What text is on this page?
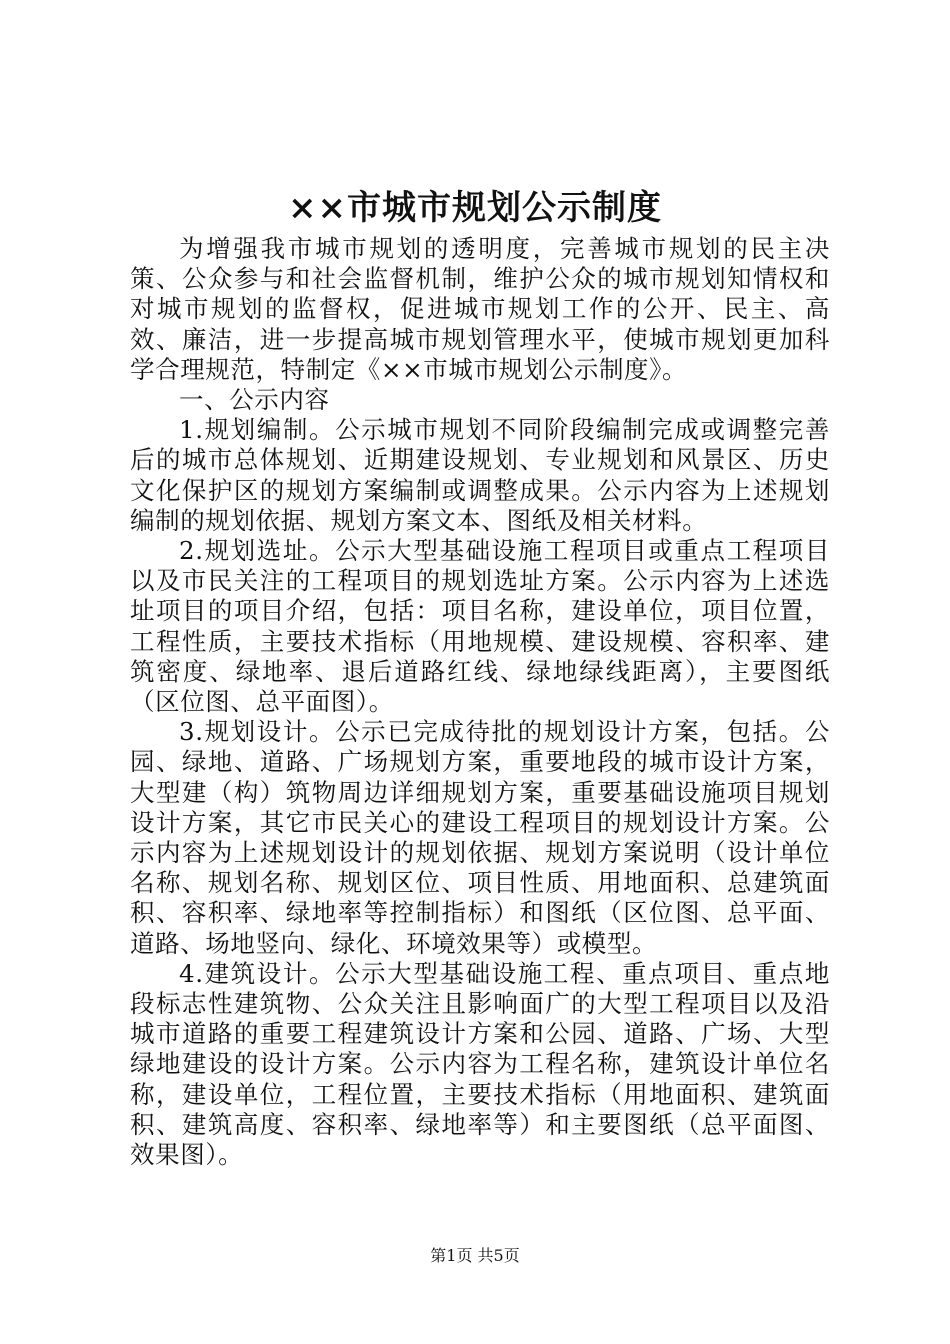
××市城市规划公示制度

为增强我市城市规划的透明度，完善城市规划的民主决策、公众参与和社会监督机制，维护公众的城市规划知情权和对城市规划的监督权，促进城市规划工作的公开、民主、高效、廉洁，进一步提高城市规划管理水平，使城市规划更加科学合理规范，特制定《××市城市规划公示制度》。

一、公示内容

1.规划编制。公示城市规划不同阶段编制完成或调整完善后的城市总体规划、近期建设规划、专业规划和风景区、历史文化保护区的规划方案编制或调整成果。公示内容为上述规划编制的规划依据、规划方案文本、图纸及相关材料。

2.规划选址。公示大型基础设施工程项目或重点工程项目以及市民关注的工程项目的规划选址方案。公示内容为上述选址项目的项目介绍，包括：项目名称，建设单位，项目位置，工程性质，主要技术指标（用地规模、建设规模、容积率、建筑密度、绿地率、退后道路红线、绿地绿线距离），主要图纸（区位图、总平面图）。

3.规划设计。公示已完成待批的规划设计方案，包括。公园、绿地、道路、广场规划方案，重要地段的城市设计方案，大型建（构）筑物周边详细规划方案，重要基础设施项目规划设计方案，其它市民关心的建设工程项目的规划设计方案。公示内容为上述规划设计的规划依据、规划方案说明（设计单位名称、规划名称、规划区位、项目性质、用地面积、总建筑面积、容积率、绿地率等控制指标）和图纸（区位图、总平面、道路、场地竖向、绿化、环境效果等）或模型。

4.建筑设计。公示大型基础设施工程、重点项目、重点地段标志性建筑物、公众关注且影响面广的大型工程项目以及沿城市道路的重要工程建筑设计方案和公园、道路、广场、大型绿地建设的设计方案。公示内容为工程名称，建筑设计单位名称，建设单位，工程位置，主要技术指标（用地面积、建筑面积、建筑高度、容积率、绿地率等）和主要图纸（总平面图、效果图）。

第1页 共5页
